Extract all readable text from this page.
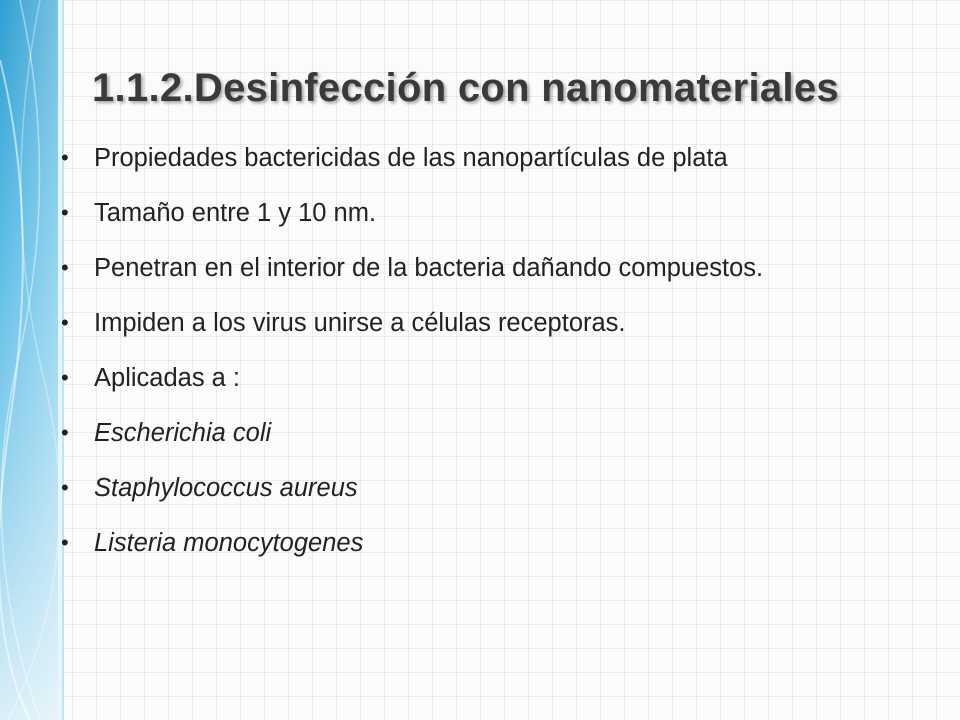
1.1.2.Desinfección con nanomateriales
• Propiedades bactericidas de las nanopartículas de plata
• Tamaño entre 1 y 10 nm.
• Penetran en el interior de la bacteria dañando compuestos.
• Impiden a los virus unirse a células receptoras.
• Aplicadas a :
• Escherichia coli
• Staphylococcus aureus
• Listeria monocytogenes
